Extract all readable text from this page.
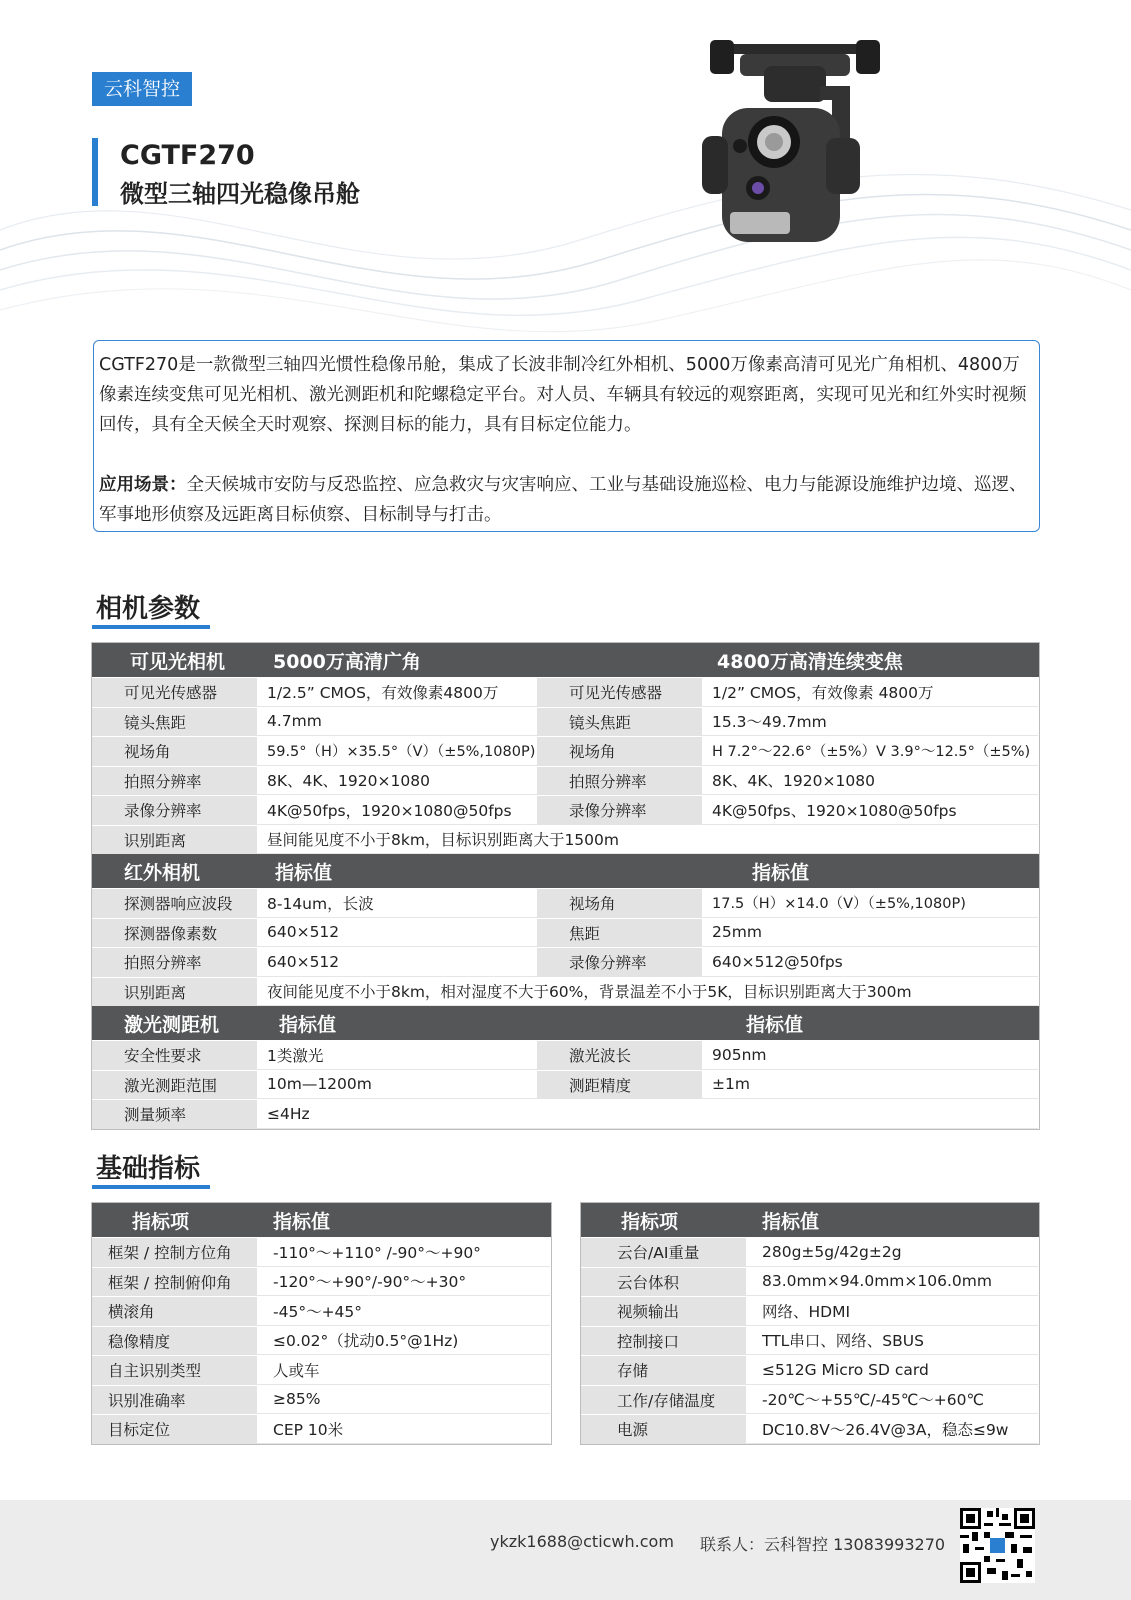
云科智控
CGTF270
微型三轴四光稳像吊舱

CGTF270是一款微型三轴四光惯性稳像吊舱，集成了长波非制冷红外相机、5000万像素高清可见光广角相机、4800万像素连续变焦可见光相机、激光测距机和陀螺稳定平台。对人员、车辆具有较远的观察距离，实现可见光和红外实时视频回传，具有全天候全天时观察、探测目标的能力，具有目标定位能力。

应用场景：全天候城市安防与反恐监控、应急救灾与灾害响应、工业与基础设施巡检、电力与能源设施维护边境、巡逻、军事地形侦察及远距离目标侦察、目标制导与打击。

相机参数
可见光相机	5000万高清广角	4800万高清连续变焦
可见光传感器	1/2.5” CMOS，有效像素4800万	可见光传感器	1/2” CMOS，有效像素 4800万
镜头焦距	4.7mm	镜头焦距	15.3～49.7mm
视场角	59.5°（H）×35.5°（V）（±5%,1080P)	视场角	H 7.2°～22.6°（±5%）V 3.9°～12.5°（±5%)
拍照分辨率	8K、4K、1920×1080	拍照分辨率	8K、4K、1920×1080
录像分辨率	4K@50fps，1920×1080@50fps	录像分辨率	4K@50fps、1920×1080@50fps
识别距离	昼间能见度不小于8km，目标识别距离大于1500m
红外相机	指标值	指标值
探测器响应波段	8-14um，长波	视场角	17.5（H）×14.0（V）（±5%,1080P)
探测器像素数	640×512	焦距	25mm
拍照分辨率	640×512	录像分辨率	640×512@50fps
识别距离	夜间能见度不小于8km，相对湿度不大于60%，背景温差不小于5K，目标识别距离大于300m
激光测距机	指标值	指标值
安全性要求	1类激光	激光波长	905nm
激光测距范围	10m—1200m	测距精度	±1m
测量频率	≤4Hz
基础指标
指标项	指标值
框架 / 控制方位角	-110°～+110° /-90°～+90°
框架 / 控制俯仰角	-120°～+90°/-90°～+30°
横滚角	-45°～+45°
稳像精度	≤0.02°（扰动0.5°@1Hz)
自主识别类型	人或车
识别准确率	≥85%
目标定位	CEP 10米
指标项	指标值
云台/AI重量	280g±5g/42g±2g
云台体积	83.0mm×94.0mm×106.0mm
视频输出	网络、HDMI
控制接口	TTL串口、网络、SBUS
存储	≤512G Micro SD card
工作/存储温度	-20℃～+55℃/-45℃～+60℃
电源	DC10.8V～26.4V@3A，稳态≤9w
ykzk1688@cticwh.com 联系人：云科智控 13083993270
